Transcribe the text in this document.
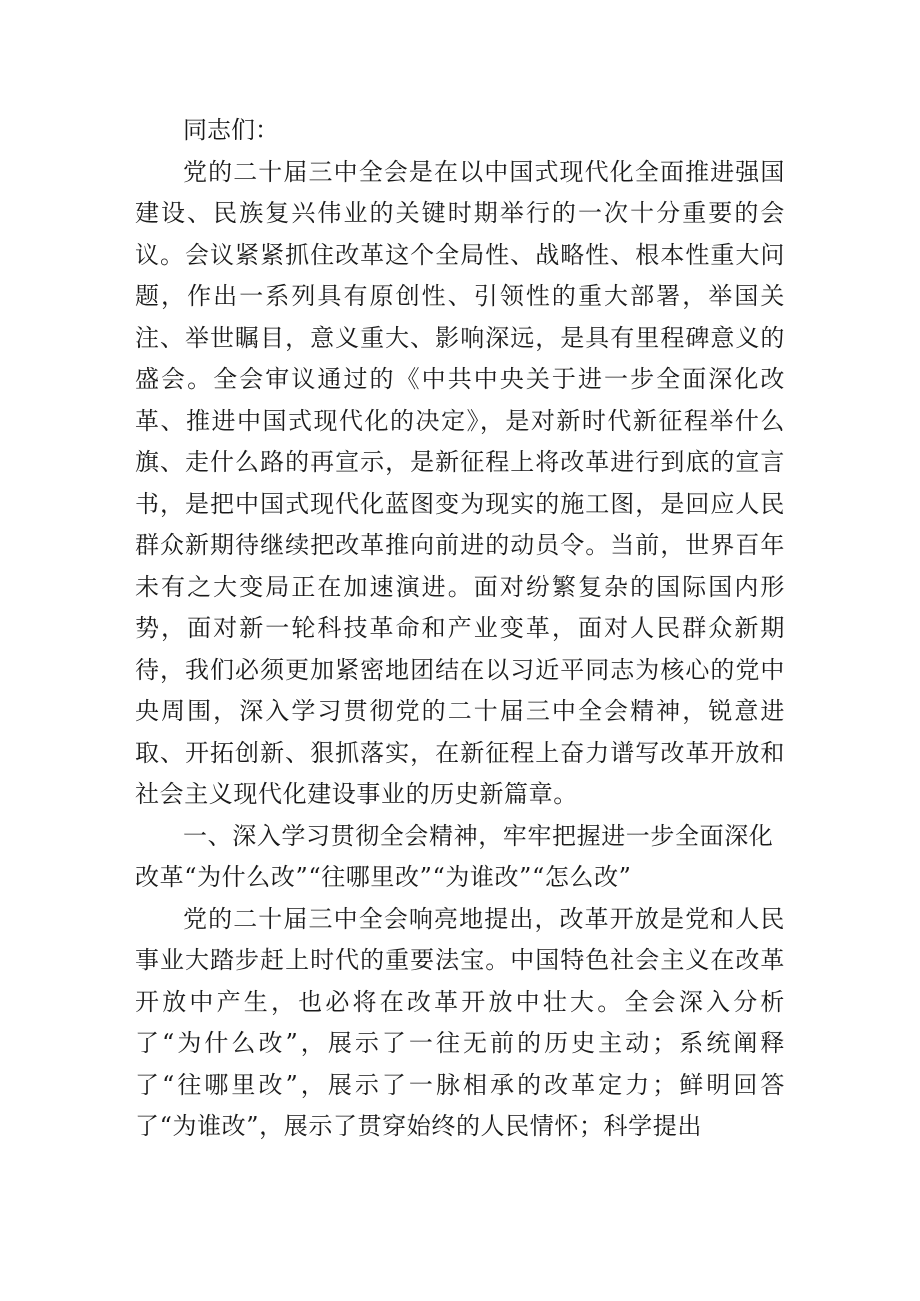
同志们：

党的二十届三中全会是在以中国式现代化全面推进强国建设、民族复兴伟业的关键时期举行的一次十分重要的会议。会议紧紧抓住改革这个全局性、战略性、根本性重大问题，作出一系列具有原创性、引领性的重大部署，举国关注、举世瞩目，意义重大、影响深远，是具有里程碑意义的盛会。全会审议通过的《中共中央关于进一步全面深化改革、推进中国式现代化的决定》，是对新时代新征程举什么旗、走什么路的再宣示，是新征程上将改革进行到底的宣言书，是把中国式现代化蓝图变为现实的施工图，是回应人民群众新期待继续把改革推向前进的动员令。当前，世界百年未有之大变局正在加速演进。面对纷繁复杂的国际国内形势，面对新一轮科技革命和产业变革，面对人民群众新期待，我们必须更加紧密地团结在以习近平同志为核心的党中央周围，深入学习贯彻党的二十届三中全会精神，锐意进取、开拓创新、狠抓落实，在新征程上奋力谱写改革开放和社会主义现代化建设事业的历史新篇章。

一、深入学习贯彻全会精神，牢牢把握进一步全面深化改革“为什么改”“往哪里改”“为谁改”“怎么改”

党的二十届三中全会响亮地提出，改革开放是党和人民事业大踏步赶上时代的重要法宝。中国特色社会主义在改革开放中产生，也必将在改革开放中壮大。全会深入分析了“为什么改”，展示了一往无前的历史主动；系统阐释了“往哪里改”，展示了一脉相承的改革定力；鲜明回答了“为谁改”，展示了贯穿始终的人民情怀；科学提出
